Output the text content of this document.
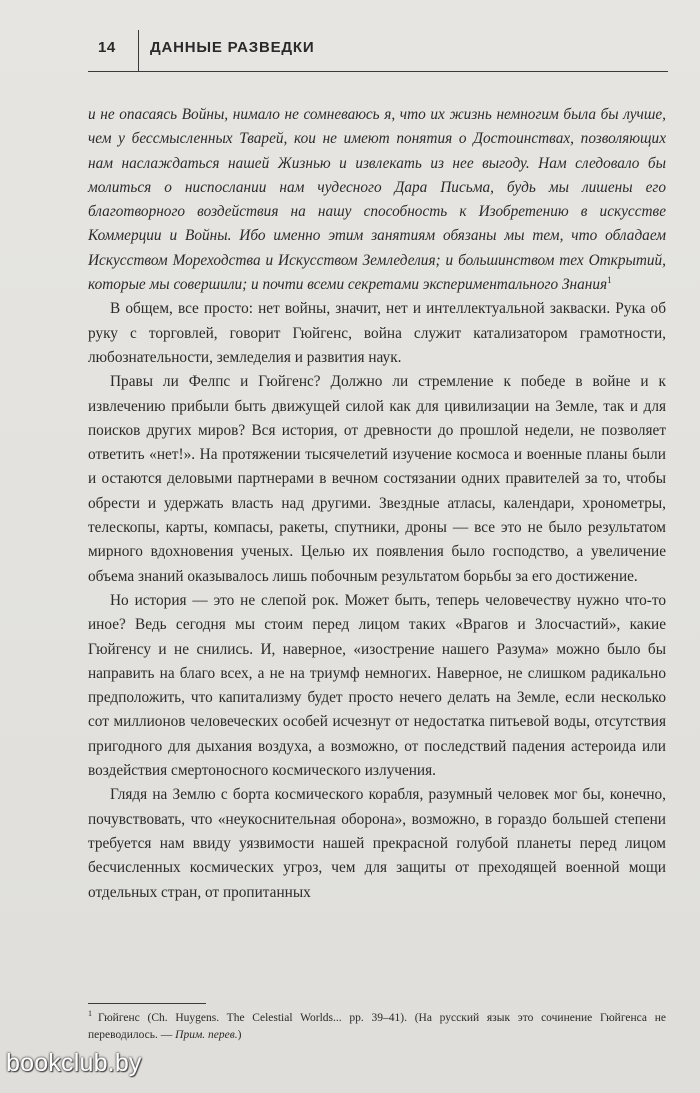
14 ДАННЫЕ РАЗВЕДКИ

и не опасаясь Войны, нимало не сомневаюсь я, что их жизнь немногим была бы лучше, чем у бессмысленных Тварей, кои не имеют понятия о Достоинствах, позволяющих нам наслаждаться нашей Жизнью и извлекать из нее выгоду. Нам следовало бы молиться о ниспослании нам чудесного Дара Письма, будь мы лишены его благотворного воздействия на нашу способность к Изобретению в искусстве Коммерции и Войны. Ибо именно этим занятиям обязаны мы тем, что обладаем Искусством Мореходства и Искусством Земледелия; и большинством тех Открытий, которые мы совершили; и почти всеми секретами экспериментального Знания$^1$

В общем, все просто: нет войны, значит, нет и интеллектуальной закваски. Рука об руку с торговлей, говорит Гюйгенс, война служит катализатором грамотности, любознательности, земледелия и развития наук.

Правы ли Фелпс и Гюйгенс? Должно ли стремление к победе в войне и к извлечению прибыли быть движущей силой как для цивилизации на Земле, так и для поисков других миров? Вся история, от древности до прошлой недели, не позволяет ответить «нет!». На протяжении тысячелетий изучение космоса и военные планы были и остаются деловыми партнерами в вечном состязании одних правителей за то, чтобы обрести и удержать власть над другими. Звездные атласы, календари, хронометры, телескопы, карты, компасы, ракеты, спутники, дроны — все это не было результатом мирного вдохновения ученых. Целью их появления было господство, а увеличение объема знаний оказывалось лишь побочным результатом борьбы за его достижение.

Но история — это не слепой рок. Может быть, теперь человечеству нужно что-то иное? Ведь сегодня мы стоим перед лицом таких «Врагов и Злосчастий», какие Гюйгенсу и не снились. И, наверное, «изострение нашего Разума» можно было бы направить на благо всех, а не на триумф немногих. Наверное, не слишком радикально предположить, что капитализму будет просто нечего делать на Земле, если несколько сот миллионов человеческих особей исчезнут от недостатка питьевой воды, отсутствия пригодного для дыхания воздуха, а возможно, от последствий падения астероида или воздействия смертоносного космического излучения.

Глядя на Землю с борта космического корабля, разумный человек мог бы, конечно, почувствовать, что «неукоснительная оборона», возможно, в гораздо большей степени требуется нам ввиду уязвимости нашей прекрасной голубой планеты перед лицом бесчисленных космических угроз, чем для защиты от преходящей военной мощи отдельных стран, от пропитанных

$^1$ Гюйгенс (Ch. Huygens. The Celestial Worlds... pp. 39–41). (На русский язык это сочинение Гюйгенса не переводилось. — Прим. перев.)
bookclub.by
